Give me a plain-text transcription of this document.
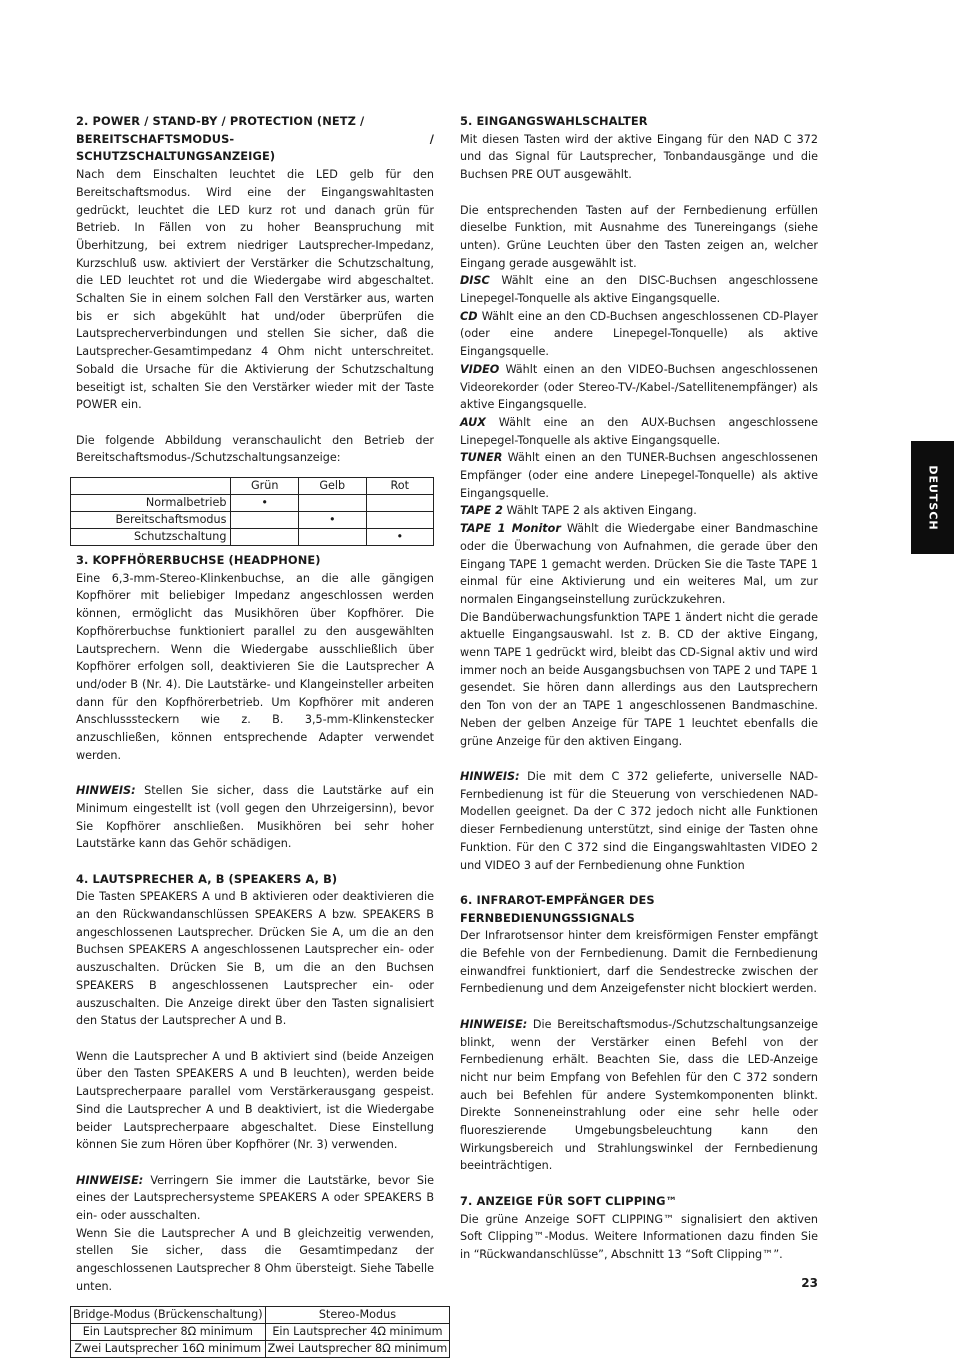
2. POWER / STAND-BY / PROTECTION (NETZ /

BEREITSCHAFTSMODUS- / SCHUTZSCHALTUNGSANZEIGE)

Nach dem Einschalten leuchtet die LED gelb für den Bereitschaftsmodus. Wird eine der Eingangswahltasten gedrückt, leuchtet die LED kurz rot und danach grün für Betrieb. In Fällen von zu hoher Beanspruchung mit Überhitzung, bei extrem niedriger Lautsprecher-Impedanz, Kurzschluß usw. aktiviert der Verstärker die Schutzschaltung, die LED leuchtet rot und die Wiedergabe wird abgeschaltet. Schalten Sie in einem solchen Fall den Verstärker aus, warten bis er sich abgekühlt hat und/oder überprüfen die Lautsprecherverbindungen und stellen Sie sicher, daß die Lautsprecher-Gesamtimpedanz 4 Ohm nicht unterschreitet. Sobald die Ursache für die Aktivierung der Schutzschaltung beseitigt ist, schalten Sie den Verstärker wieder mit der Taste POWER ein.

Die folgende Abbildung veranschaulicht den Betrieb der Bereitschaftsmodus-/Schutzschaltungsanzeige:

	Grün	Gelb	Rot
Normalbetrieb	•		
Bereitschaftsmodus		•	
Schutzschaltung			•

3. KOPFHÖRERBUCHSE (HEADPHONE)

Eine 6,3-mm-Stereo-Klinkenbuchse, an die alle gängigen Kopfhörer mit beliebiger Impedanz angeschlossen werden können, ermöglicht das Musikhören über Kopfhörer. Die Kopfhörerbuchse funktioniert parallel zu den ausgewählten Lautsprechern. Wenn die Wiedergabe ausschließlich über Kopfhörer erfolgen soll, deaktivieren Sie die Lautsprecher A und/oder B (Nr. 4). Die Lautstärke- und Klangeinsteller arbeiten dann für den Kopfhörerbetrieb. Um Kopfhörer mit anderen Anschlusssteckern wie z. B. 3,5-mm-Klinkenstecker anzuschließen, können entsprechende Adapter verwendet werden.

HINWEIS: Stellen Sie sicher, dass die Lautstärke auf ein Minimum eingestellt ist (voll gegen den Uhrzeigersinn), bevor Sie Kopfhörer anschließen. Musikhören bei sehr hoher Lautstärke kann das Gehör schädigen.

4. LAUTSPRECHER A, B (SPEAKERS A, B)

Die Tasten SPEAKERS A und B aktivieren oder deaktivieren die an den Rückwandanschlüssen SPEAKERS A bzw. SPEAKERS B angeschlossenen Lautsprecher. Drücken Sie A, um die an den Buchsen SPEAKERS A angeschlossenen Lautsprecher ein- oder auszuschalten. Drücken Sie B, um die an den Buchsen SPEAKERS B angeschlossenen Lautsprecher ein- oder auszuschalten. Die Anzeige direkt über den Tasten signalisiert den Status der Lautsprecher A und B.

Wenn die Lautsprecher A und B aktiviert sind (beide Anzeigen über den Tasten SPEAKERS A und B leuchten), werden beide Lautsprecherpaare parallel vom Verstärkerausgang gespeist. Sind die Lautsprecher A und B deaktiviert, ist die Wiedergabe beider Lautsprecherpaare abgeschaltet. Diese Einstellung können Sie zum Hören über Kopfhörer (Nr. 3) verwenden.

HINWEISE: Verringern Sie immer die Lautstärke, bevor Sie eines der Lautsprechersysteme SPEAKERS A oder SPEAKERS B ein- oder ausschalten.

Wenn Sie die Lautsprecher A und B gleichzeitig verwenden, stellen Sie sicher, dass die Gesamtimpedanz der angeschlossenen Lautsprecher 8 Ohm übersteigt. Siehe Tabelle unten.

Bridge-Modus (Brückenschaltung)	Stereo-Modus
Ein Lautsprecher 8Ω minimum	Ein Lautsprecher 4Ω minimum
Zwei Lautsprecher 16Ω minimum	Zwei Lautsprecher 8Ω minimum

5. EINGANGSWAHLSCHALTER

Mit diesen Tasten wird der aktive Eingang für den NAD C 372 und das Signal für Lautsprecher, Tonbandausgänge und die Buchsen PRE OUT ausgewählt.

Die entsprechenden Tasten auf der Fernbedienung erfüllen dieselbe Funktion, mit Ausnahme des Tunereingangs (siehe unten). Grüne Leuchten über den Tasten zeigen an, welcher Eingang gerade ausgewählt ist.

DISC Wählt eine an den DISC-Buchsen angeschlossene Linepegel-Tonquelle als aktive Eingangsquelle.

CD Wählt eine an den CD-Buchsen angeschlossenen CD-Player (oder eine andere Linepegel-Tonquelle) als aktive Eingangsquelle.

VIDEO Wählt einen an den VIDEO-Buchsen angeschlossenen Videorekorder (oder Stereo-TV-/Kabel-/Satellitenempfänger) als aktive Eingangsquelle.

AUX Wählt eine an den AUX-Buchsen angeschlossene Linepegel-Tonquelle als aktive Eingangsquelle.

TUNER Wählt einen an den TUNER-Buchsen angeschlossenen Empfänger (oder eine andere Linepegel-Tonquelle) als aktive Eingangsquelle.

TAPE 2 Wählt TAPE 2 als aktiven Eingang.

TAPE 1 Monitor Wählt die Wiedergabe einer Bandmaschine oder die Überwachung von Aufnahmen, die gerade über den Eingang TAPE 1 gemacht werden. Drücken Sie die Taste TAPE 1 einmal für eine Aktivierung und ein weiteres Mal, um zur normalen Eingangseinstellung zurückzukehren.

Die Bandüberwachungsfunktion TAPE 1 ändert nicht die gerade aktuelle Eingangsauswahl. Ist z. B. CD der aktive Eingang, wenn TAPE 1 gedrückt wird, bleibt das CD-Signal aktiv und wird immer noch an beide Ausgangsbuchsen von TAPE 2 und TAPE 1 gesendet. Sie hören dann allerdings aus den Lautsprechern den Ton von der an TAPE 1 angeschlossenen Bandmaschine. Neben der gelben Anzeige für TAPE 1 leuchtet ebenfalls die grüne Anzeige für den aktiven Eingang.

HINWEIS: Die mit dem C 372 gelieferte, universelle NAD-Fernbedienung ist für die Steuerung von verschiedenen NAD-Modellen geeignet. Da der C 372 jedoch nicht alle Funktionen dieser Fernbedienung unterstützt, sind einige der Tasten ohne Funktion. Für den C 372 sind die Eingangswahltasten VIDEO 2 und VIDEO 3 auf der Fernbedienung ohne Funktion

6. INFRAROT-EMPFÄNGER DES

FERNBEDIENUNGSSIGNALS

Der Infrarotsensor hinter dem kreisförmigen Fenster empfängt die Befehle von der Fernbedienung. Damit die Fernbedienung einwandfrei funktioniert, darf die Sendestrecke zwischen der Fernbedienung und dem Anzeigefenster nicht blockiert werden.

HINWEISE: Die Bereitschaftsmodus-/Schutzschaltungsanzeige blinkt, wenn der Verstärker einen Befehl von der Fernbedienung erhält. Beachten Sie, dass die LED-Anzeige nicht nur beim Empfang von Befehlen für den C 372 sondern auch bei Befehlen für andere Systemkomponenten blinkt. Direkte Sonneneinstrahlung oder eine sehr helle oder fluoreszierende Umgebungsbeleuchtung kann den Wirkungsbereich und Strahlungswinkel der Fernbedienung beeinträchtigen.

7. ANZEIGE FÜR SOFT CLIPPING™

Die grüne Anzeige SOFT CLIPPING™ signalisiert den aktiven Soft Clipping™-Modus. Weitere Informationen dazu finden Sie in “Rückwandanschlüsse”, Abschnitt 13 “Soft Clipping™”.

DEUTSCH
23
